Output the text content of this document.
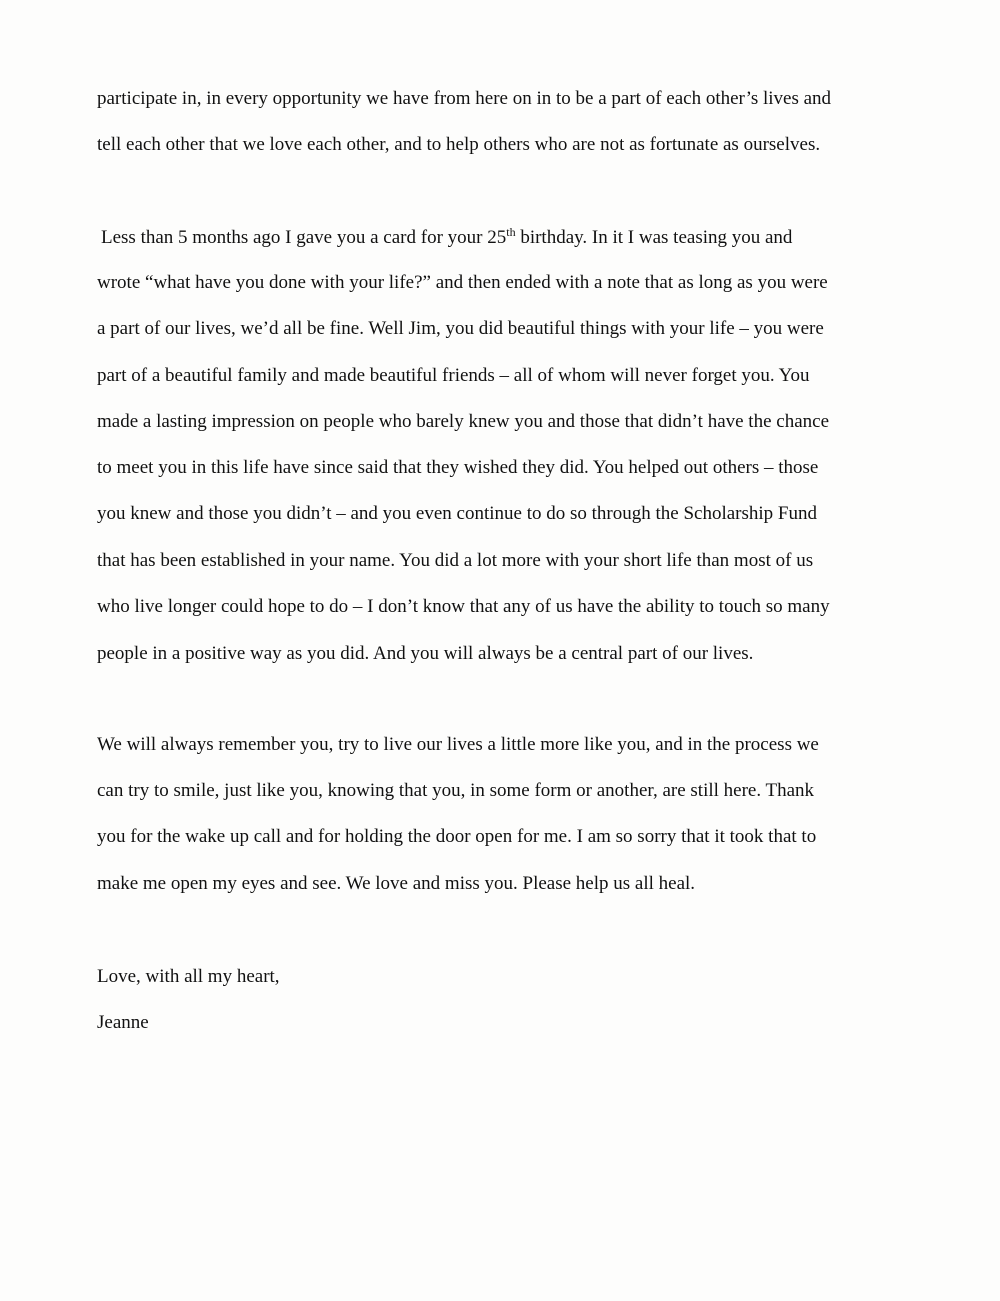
participate in, in every opportunity we have from here on in to be a part of each other’s lives and

tell each other that we love each other, and to help others who are not as fortunate as ourselves.

Less than 5 months ago I gave you a card for your 25th birthday. In it I was teasing you and

wrote “what have you done with your life?” and then ended with a note that as long as you were

a part of our lives, we’d all be fine. Well Jim, you did beautiful things with your life – you were

part of a beautiful family and made beautiful friends – all of whom will never forget you. You

made a lasting impression on people who barely knew you and those that didn’t have the chance

to meet you in this life have since said that they wished they did. You helped out others – those

you knew and those you didn’t – and you even continue to do so through the Scholarship Fund

that has been established in your name. You did a lot more with your short life than most of us

who live longer could hope to do – I don’t know that any of us have the ability to touch so many

people in a positive way as you did. And you will always be a central part of our lives.

We will always remember you, try to live our lives a little more like you, and in the process we

can try to smile, just like you, knowing that you, in some form or another, are still here. Thank

you for the wake up call and for holding the door open for me. I am so sorry that it took that to

make me open my eyes and see. We love and miss you. Please help us all heal.

Love, with all my heart,

Jeanne
